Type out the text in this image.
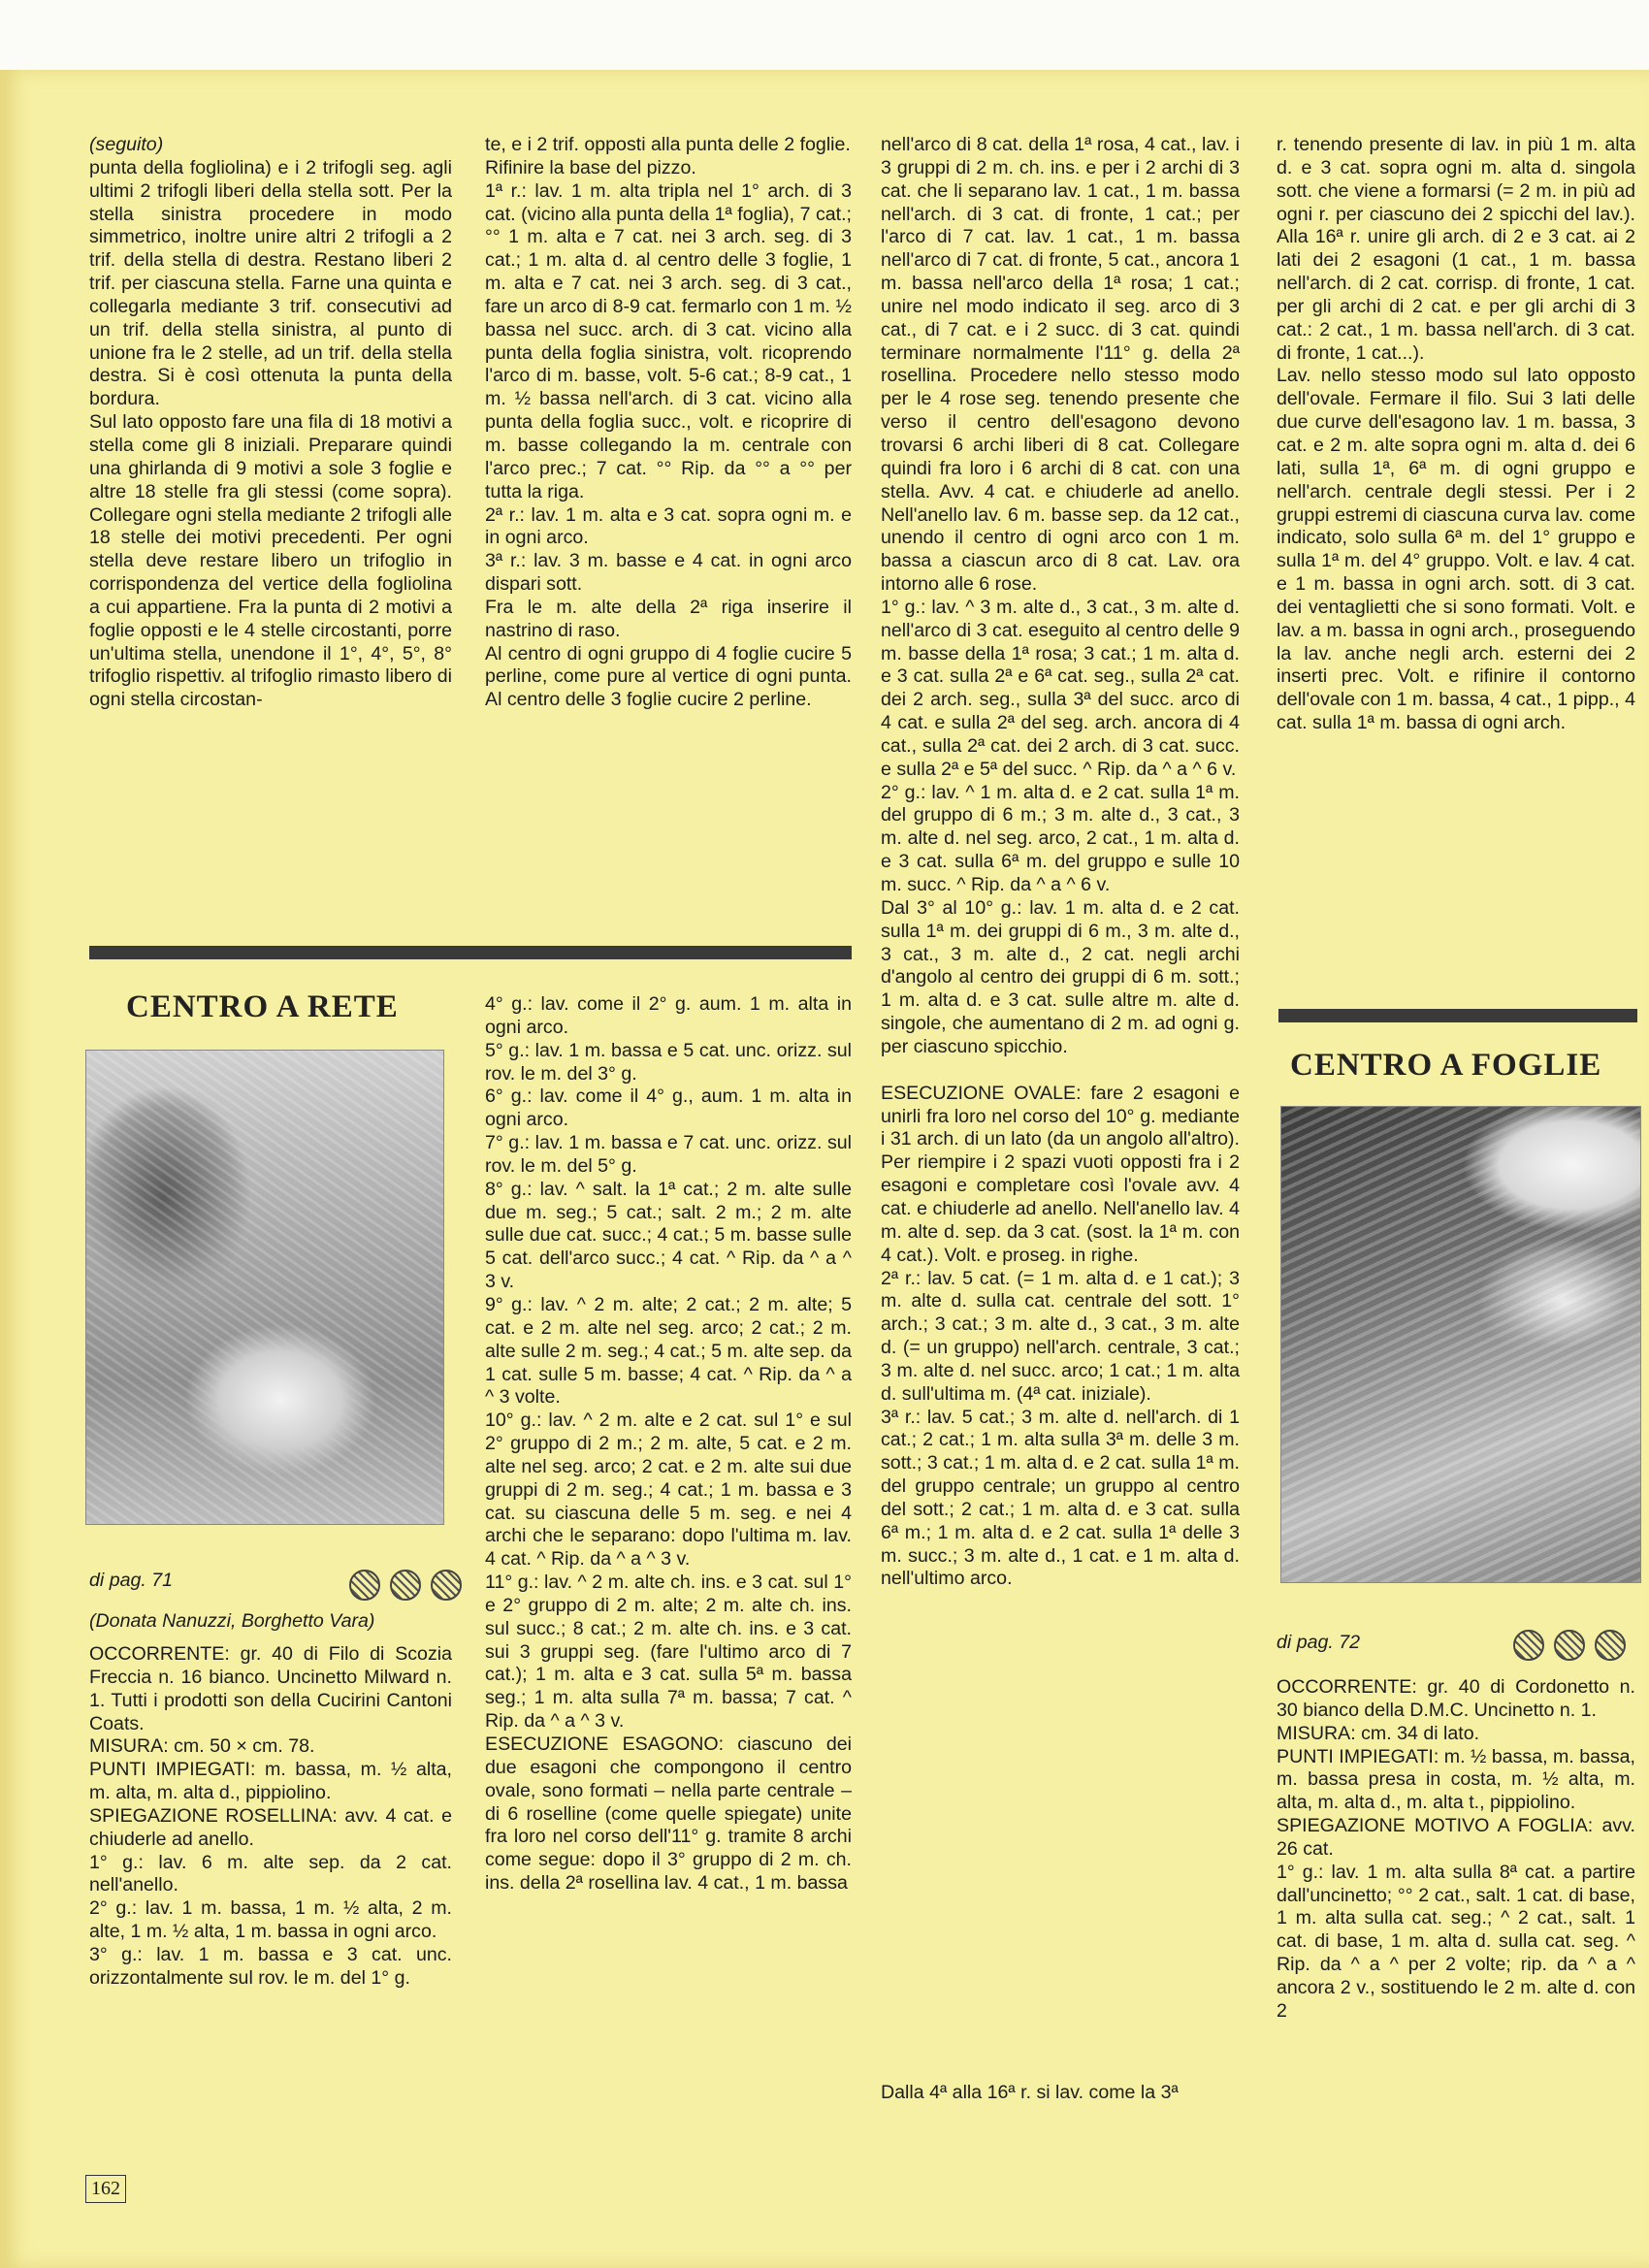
(seguito)

punta della fogliolina) e i 2 trifogli seg. agli ultimi 2 trifogli liberi della stella sott. Per la stella sinistra procedere in modo simmetrico, inoltre unire altri 2 trifogli a 2 trif. della stella di destra. Restano liberi 2 trif. per ciascuna stella. Farne una quinta e collegarla mediante 3 trif. consecutivi ad un trif. della stella sinistra, al punto di unione fra le 2 stelle, ad un trif. della stella destra. Si è così ottenuta la punta della bordura.

Sul lato opposto fare una fila di 18 motivi a stella come gli 8 iniziali. Preparare quindi una ghirlanda di 9 motivi a sole 3 foglie e altre 18 stelle fra gli stessi (come sopra). Collegare ogni stella mediante 2 trifogli alle 18 stelle dei motivi precedenti. Per ogni stella deve restare libero un trifoglio in corrispondenza del vertice della fogliolina a cui appartiene. Fra la punta di 2 motivi a foglie opposti e le 4 stelle circostanti, porre un'ultima stella, unendone il 1°, 4°, 5°, 8° trifoglio rispettiv. al trifoglio rimasto libero di ogni stella circostan-

te, e i 2 trif. opposti alla punta delle 2 foglie.

Rifinire la base del pizzo.

1ª r.: lav. 1 m. alta tripla nel 1° arch. di 3 cat. (vicino alla punta della 1ª foglia), 7 cat.; °° 1 m. alta e 7 cat. nei 3 arch. seg. di 3 cat.; 1 m. alta d. al centro delle 3 foglie, 1 m. alta e 7 cat. nei 3 arch. seg. di 3 cat., fare un arco di 8-9 cat. fermarlo con 1 m. ½ bassa nel succ. arch. di 3 cat. vicino alla punta della foglia sinistra, volt. ricoprendo l'arco di m. basse, volt. 5-6 cat.; 8-9 cat., 1 m. ½ bassa nell'arch. di 3 cat. vicino alla punta della foglia succ., volt. e ricoprire di m. basse collegando la m. centrale con l'arco prec.; 7 cat. °° Rip. da °° a °° per tutta la riga.

2ª r.: lav. 1 m. alta e 3 cat. sopra ogni m. e in ogni arco.

3ª r.: lav. 3 m. basse e 4 cat. in ogni arco dispari sott.

Fra le m. alte della 2ª riga inserire il nastrino di raso.

Al centro di ogni gruppo di 4 foglie cucire 5 perline, come pure al vertice di ogni punta. Al centro delle 3 foglie cucire 2 perline.

nell'arco di 8 cat. della 1ª rosa, 4 cat., lav. i 3 gruppi di 2 m. ch. ins. e per i 2 archi di 3 cat. che li separano lav. 1 cat., 1 m. bassa nell'arch. di 3 cat. di fronte, 1 cat.; per l'arco di 7 cat. lav. 1 cat., 1 m. bassa nell'arco di 7 cat. di fronte, 5 cat., ancora 1 m. bassa nell'arco della 1ª rosa; 1 cat.; unire nel modo indicato il seg. arco di 3 cat., di 7 cat. e i 2 succ. di 3 cat. quindi terminare normalmente l'11° g. della 2ª rosellina. Procedere nello stesso modo per le 4 rose seg. tenendo presente che verso il centro dell'esagono devono trovarsi 6 archi liberi di 8 cat. Collegare quindi fra loro i 6 archi di 8 cat. con una stella. Avv. 4 cat. e chiuderle ad anello. Nell'anello lav. 6 m. basse sep. da 12 cat., unendo il centro di ogni arco con 1 m. bassa a ciascun arco di 8 cat. Lav. ora intorno alle 6 rose.

1° g.: lav. ^ 3 m. alte d., 3 cat., 3 m. alte d. nell'arco di 3 cat. eseguito al centro delle 9 m. basse della 1ª rosa; 3 cat.; 1 m. alta d. e 3 cat. sulla 2ª e 6ª cat. seg., sulla 2ª cat. dei 2 arch. seg., sulla 3ª del succ. arco di 4 cat. e sulla 2ª del seg. arch. ancora di 4 cat., sulla 2ª cat. dei 2 arch. di 3 cat. succ. e sulla 2ª e 5ª del succ. ^ Rip. da ^ a ^ 6 v.

2° g.: lav. ^ 1 m. alta d. e 2 cat. sulla 1ª m. del gruppo di 6 m.; 3 m. alte d., 3 cat., 3 m. alte d. nel seg. arco, 2 cat., 1 m. alta d. e 3 cat. sulla 6ª m. del gruppo e sulle 10 m. succ. ^ Rip. da ^ a ^ 6 v.

Dal 3° al 10° g.: lav. 1 m. alta d. e 2 cat. sulla 1ª m. dei gruppi di 6 m., 3 m. alte d., 3 cat., 3 m. alte d., 2 cat. negli archi d'angolo al centro dei gruppi di 6 m. sott.; 1 m. alta d. e 3 cat. sulle altre m. alte d. singole, che aumentano di 2 m. ad ogni g. per ciascuno spicchio.

ESECUZIONE OVALE: fare 2 esagoni e unirli fra loro nel corso del 10° g. mediante i 31 arch. di un lato (da un angolo all'altro). Per riempire i 2 spazi vuoti opposti fra i 2 esagoni e completare così l'ovale avv. 4 cat. e chiuderle ad anello. Nell'anello lav. 4 m. alte d. sep. da 3 cat. (sost. la 1ª m. con 4 cat.). Volt. e proseg. in righe.

2ª r.: lav. 5 cat. (= 1 m. alta d. e 1 cat.); 3 m. alte d. sulla cat. centrale del sott. 1° arch.; 3 cat.; 3 m. alte d., 3 cat., 3 m. alte d. (= un gruppo) nell'arch. centrale, 3 cat.; 3 m. alte d. nel succ. arco; 1 cat.; 1 m. alta d. sull'ultima m. (4ª cat. iniziale).

3ª r.: lav. 5 cat.; 3 m. alte d. nell'arch. di 1 cat.; 2 cat.; 1 m. alta sulla 3ª m. delle 3 m. sott.; 3 cat.; 1 m. alta d. e 2 cat. sulla 1ª m. del gruppo centrale; un gruppo al centro del sott.; 2 cat.; 1 m. alta d. e 3 cat. sulla 6ª m.; 1 m. alta d. e 2 cat. sulla 1ª delle 3 m. succ.; 3 m. alte d., 1 cat. e 1 m. alta d. nell'ultimo arco.

Dalla 4ª alla 16ª r. si lav. come la 3ª

r. tenendo presente di lav. in più 1 m. alta d. e 3 cat. sopra ogni m. alta d. singola sott. che viene a formarsi (= 2 m. in più ad ogni r. per ciascuno dei 2 spicchi del lav.). Alla 16ª r. unire gli arch. di 2 e 3 cat. ai 2 lati dei 2 esagoni (1 cat., 1 m. bassa nell'arch. di 2 cat. corrisp. di fronte, 1 cat. per gli archi di 2 cat. e per gli archi di 3 cat.: 2 cat., 1 m. bassa nell'arch. di 3 cat. di fronte, 1 cat...).

Lav. nello stesso modo sul lato opposto dell'ovale. Fermare il filo. Sui 3 lati delle due curve dell'esagono lav. 1 m. bassa, 3 cat. e 2 m. alte sopra ogni m. alta d. dei 6 lati, sulla 1ª, 6ª m. di ogni gruppo e nell'arch. centrale degli stessi. Per i 2 gruppi estremi di ciascuna curva lav. come indicato, solo sulla 6ª m. del 1° gruppo e sulla 1ª m. del 4° gruppo. Volt. e lav. 4 cat. e 1 m. bassa in ogni arch. sott. di 3 cat. dei ventaglietti che si sono formati. Volt. e lav. a m. bassa in ogni arch., proseguendo la lav. anche negli arch. esterni dei 2 inserti prec. Volt. e rifinire il contorno dell'ovale con 1 m. bassa, 4 cat., 1 pipp., 4 cat. sulla 1ª m. bassa di ogni arch.

CENTRO A RETE
di pag. 71
(Donata Nanuzzi, Borghetto Vara)

OCCORRENTE: gr. 40 di Filo di Scozia Freccia n. 16 bianco. Uncinetto Milward n. 1. Tutti i prodotti son della Cucirini Cantoni Coats.

MISURA: cm. 50 × cm. 78.

PUNTI IMPIEGATI: m. bassa, m. ½ alta, m. alta, m. alta d., pippiolino.

SPIEGAZIONE ROSELLINA: avv. 4 cat. e chiuderle ad anello.

1° g.: lav. 6 m. alte sep. da 2 cat. nell'anello.

2° g.: lav. 1 m. bassa, 1 m. ½ alta, 2 m. alte, 1 m. ½ alta, 1 m. bassa in ogni arco.

3° g.: lav. 1 m. bassa e 3 cat. unc. orizzontalmente sul rov. le m. del 1° g.

4° g.: lav. come il 2° g. aum. 1 m. alta in ogni arco.

5° g.: lav. 1 m. bassa e 5 cat. unc. orizz. sul rov. le m. del 3° g.

6° g.: lav. come il 4° g., aum. 1 m. alta in ogni arco.

7° g.: lav. 1 m. bassa e 7 cat. unc. orizz. sul rov. le m. del 5° g.

8° g.: lav. ^ salt. la 1ª cat.; 2 m. alte sulle due m. seg.; 5 cat.; salt. 2 m.; 2 m. alte sulle due cat. succ.; 4 cat.; 5 m. basse sulle 5 cat. dell'arco succ.; 4 cat. ^ Rip. da ^ a ^ 3 v.

9° g.: lav. ^ 2 m. alte; 2 cat.; 2 m. alte; 5 cat. e 2 m. alte nel seg. arco; 2 cat.; 2 m. alte sulle 2 m. seg.; 4 cat.; 5 m. alte sep. da 1 cat. sulle 5 m. basse; 4 cat. ^ Rip. da ^ a ^ 3 volte.

10° g.: lav. ^ 2 m. alte e 2 cat. sul 1° e sul 2° gruppo di 2 m.; 2 m. alte, 5 cat. e 2 m. alte nel seg. arco; 2 cat. e 2 m. alte sui due gruppi di 2 m. seg.; 4 cat.; 1 m. bassa e 3 cat. su ciascuna delle 5 m. seg. e nei 4 archi che le separano: dopo l'ultima m. lav. 4 cat. ^ Rip. da ^ a ^ 3 v.

11° g.: lav. ^ 2 m. alte ch. ins. e 3 cat. sul 1° e 2° gruppo di 2 m. alte; 2 m. alte ch. ins. sul succ.; 8 cat.; 2 m. alte ch. ins. e 3 cat. sui 3 gruppi seg. (fare l'ultimo arco di 7 cat.); 1 m. alta e 3 cat. sulla 5ª m. bassa seg.; 1 m. alta sulla 7ª m. bassa; 7 cat. ^ Rip. da ^ a ^ 3 v.

ESECUZIONE ESAGONO: ciascuno dei due esagoni che compongono il centro ovale, sono formati – nella parte centrale – di 6 roselline (come quelle spiegate) unite fra loro nel corso dell'11° g. tramite 8 archi come segue: dopo il 3° gruppo di 2 m. ch. ins. della 2ª rosellina lav. 4 cat., 1 m. bassa

CENTRO A FOGLIE
di pag. 72

OCCORRENTE: gr. 40 di Cordonetto n. 30 bianco della D.M.C. Uncinetto n. 1.

MISURA: cm. 34 di lato.

PUNTI IMPIEGATI: m. ½ bassa, m. bassa, m. bassa presa in costa, m. ½ alta, m. alta, m. alta d., m. alta t., pippiolino.

SPIEGAZIONE MOTIVO A FOGLIA: avv. 26 cat.

1° g.: lav. 1 m. alta sulla 8ª cat. a partire dall'uncinetto; °° 2 cat., salt. 1 cat. di base, 1 m. alta sulla cat. seg.; ^ 2 cat., salt. 1 cat. di base, 1 m. alta d. sulla cat. seg. ^ Rip. da ^ a ^ per 2 volte; rip. da ^ a ^ ancora 2 v., sostituendo le 2 m. alte d. con 2

162
